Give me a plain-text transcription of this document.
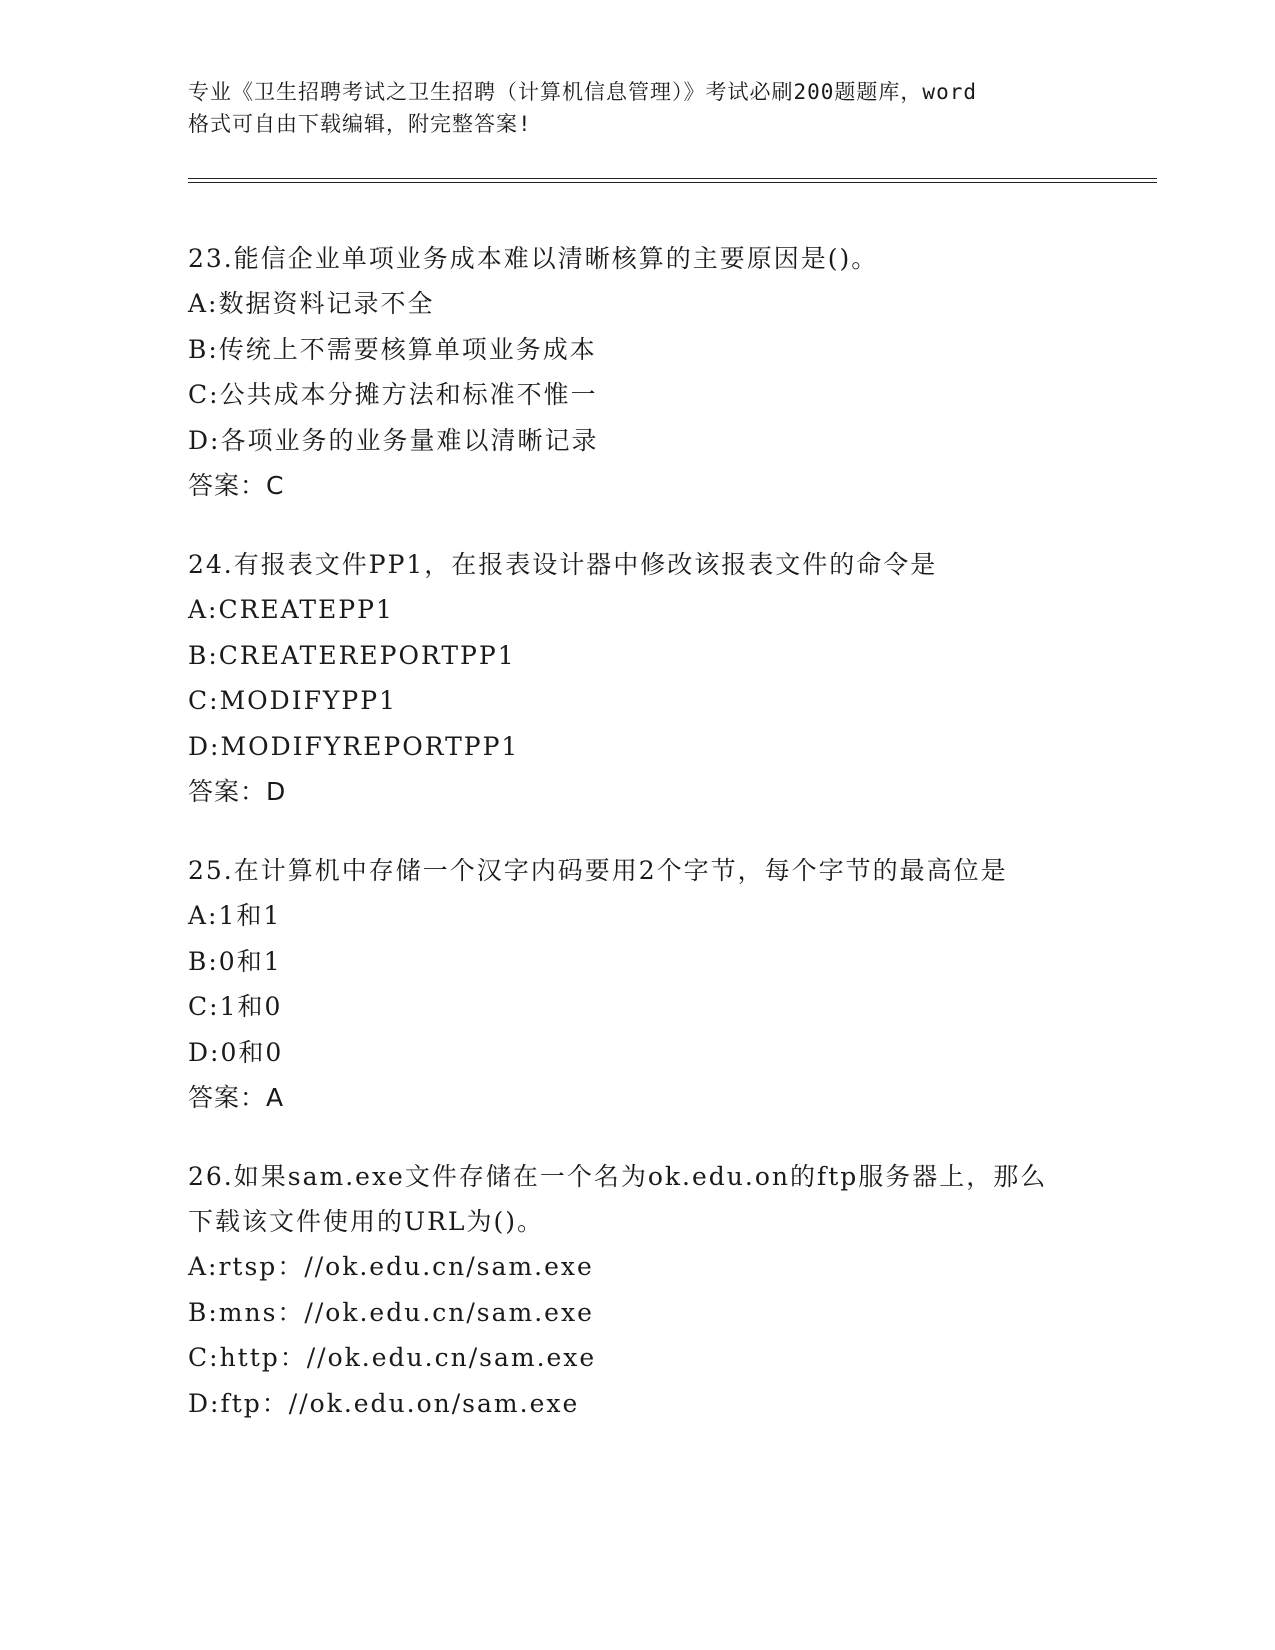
专业《卫生招聘考试之卫生招聘（计算机信息管理）》考试必刷200题题库，word
格式可自由下载编辑，附完整答案!

23.能信企业单项业务成本难以清晰核算的主要原因是()。

A: 数据资料记录不全
B: 传统上不需要核算单项业务成本
C: 公共成本分摊方法和标准不惟一
D: 各项业务的业务量难以清晰记录
答案：C

24.有报表文件PP1，在报表设计器中修改该报表文件的命令是

A: CREATEPP1
B: CREATEREPORTPP1
C: MODIFYPP1
D: MODIFYREPORTPP1
答案：D

25.在计算机中存储一个汉字内码要用2个字节，每个字节的最高位是

A: 1和1
B: 0和1
C: 1和0
D: 0和0
答案：A

26.如果sam.exe文件存储在一个名为ok.edu.on的ftp服务器上，那么下载该文件使用的URL为()。

A: rtsp：//ok.edu.cn/sam.exe
B: mns：//ok.edu.cn/sam.exe
C: http：//ok.edu.cn/sam.exe
D: ftp：//ok.edu.on/sam.exe
